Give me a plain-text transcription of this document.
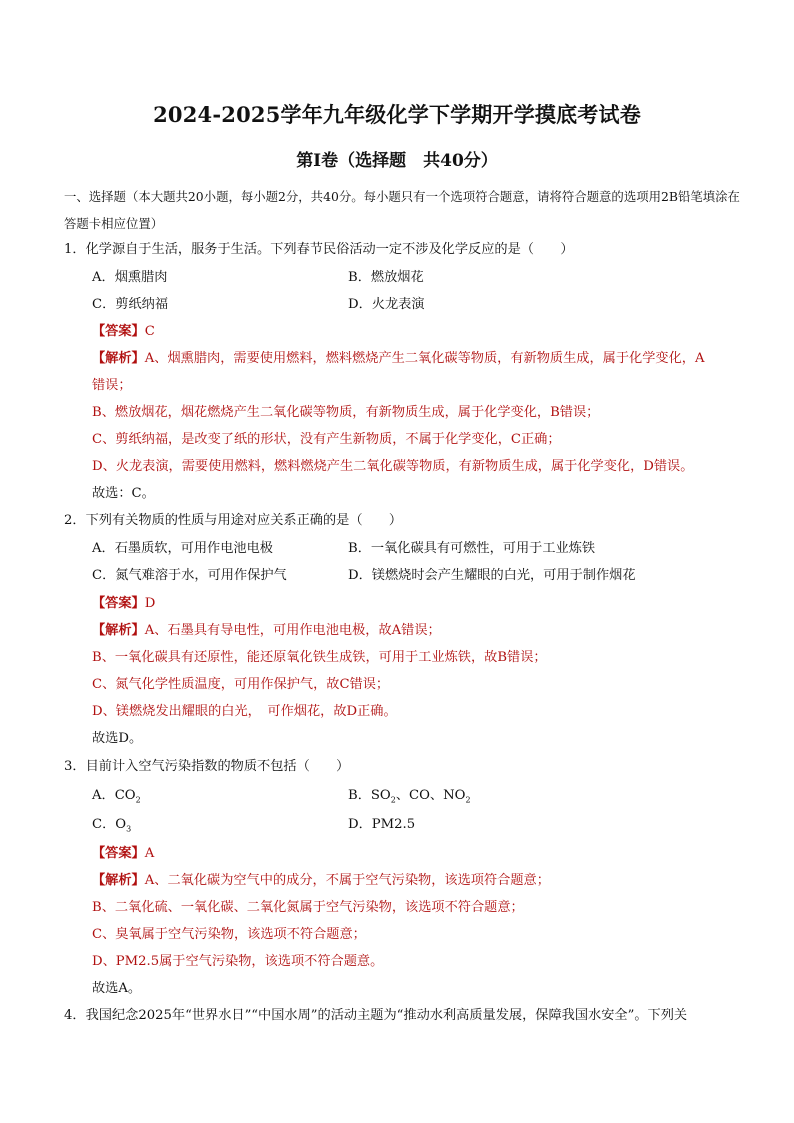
2024-2025学年九年级化学下学期开学摸底考试卷
第Ⅰ卷（选择题　共40分）
一、选择题（本大题共20小题，每小题2分，共40分。每小题只有一个选项符合题意，请将符合题意的选项用2B铅笔填涂在答题卡相应位置）
1．化学源自于生活，服务于生活。下列春节民俗活动一定不涉及化学反应的是（　　）
A．烟熏腊肉	B．燃放烟花
C．剪纸纳福	D．火龙表演
【答案】C
【解析】A、烟熏腊肉，需要使用燃料，燃料燃烧产生二氧化碳等物质，有新物质生成，属于化学变化，A
错误；
B、燃放烟花，烟花燃烧产生二氧化碳等物质，有新物质生成，属于化学变化，B错误；
C、剪纸纳福，是改变了纸的形状，没有产生新物质，不属于化学变化，C正确；
D、火龙表演，需要使用燃料，燃料燃烧产生二氧化碳等物质，有新物质生成，属于化学变化，D错误。
故选：C。
2．下列有关物质的性质与用途对应关系正确的是（　　）
A．石墨质软，可用作电池电极	B．一氧化碳具有可燃性，可用于工业炼铁
C．氮气难溶于水，可用作保护气	D．镁燃烧时会产生耀眼的白光，可用于制作烟花
【答案】D
【解析】A、石墨具有导电性，可用作电池电极，故A错误；
B、一氧化碳具有还原性，能还原氧化铁生成铁，可用于工业炼铁，故B错误；
C、氮气化学性质温度，可用作保护气，故C错误；
D、镁燃烧发出耀眼的白光，　可作烟花，故D正确。
故选D。
3．目前计入空气污染指数的物质不包括（　　）
A．$CO_2$	B．$SO_2$、CO、$NO_2$
C．$O_3$	D．PM2.5
【答案】A
【解析】A、二氧化碳为空气中的成分，不属于空气污染物，该选项符合题意；
B、二氧化硫、一氧化碳、二氧化氮属于空气污染物，该选项不符合题意；
C、臭氧属于空气污染物，该选项不符合题意；
D、PM2.5属于空气污染物，该选项不符合题意。
故选A。
4．我国纪念2025年“世界水日”“中国水周”的活动主题为“推动水利高质量发展，保障我国水安全”。下列关
